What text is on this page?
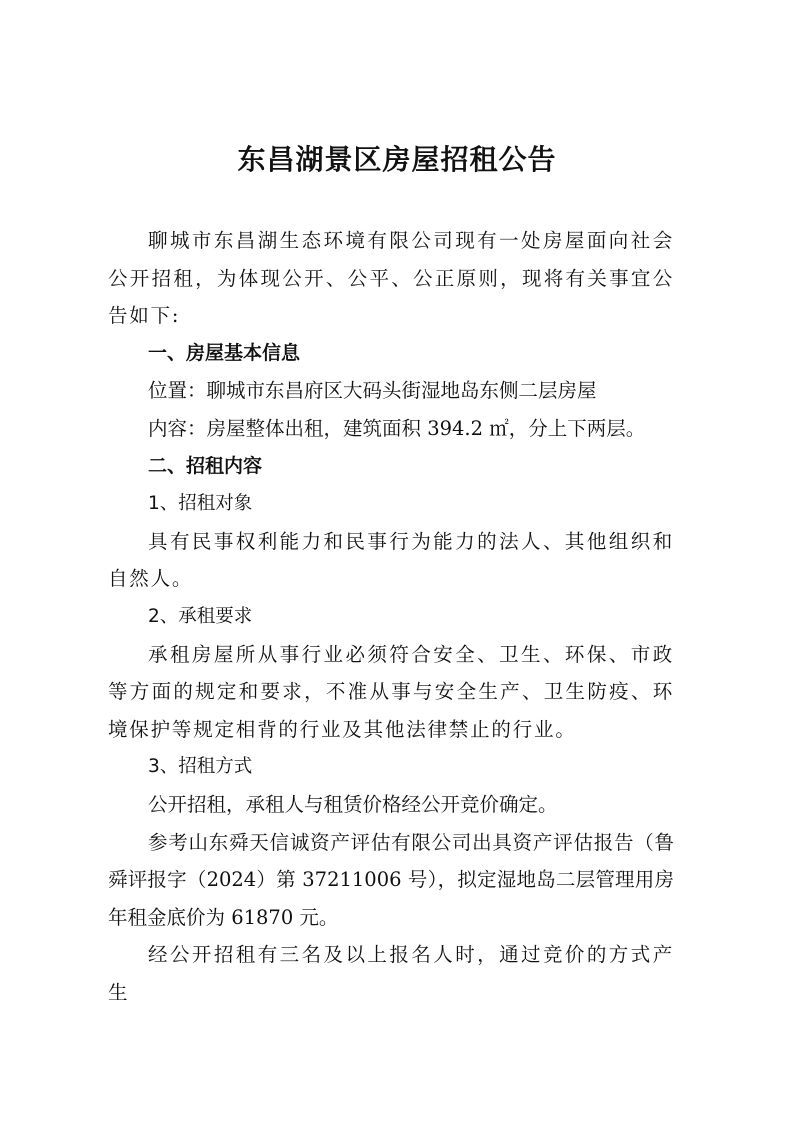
东昌湖景区房屋招租公告

聊城市东昌湖生态环境有限公司现有一处房屋面向社会公开招租，为体现公开、公平、公正原则，现将有关事宜公告如下:

一、房屋基本信息

位置：聊城市东昌府区大码头街湿地岛东侧二层房屋

内容：房屋整体出租，建筑面积 394.2 ㎡，分上下两层。

二、招租内容

1、招租对象

具有民事权利能力和民事行为能力的法人、其他组织和自然人。

2、承租要求

承租房屋所从事行业必须符合安全、卫生、环保、市政等方面的规定和要求，不准从事与安全生产、卫生防疫、环境保护等规定相背的行业及其他法律禁止的行业。

3、招租方式

公开招租，承租人与租赁价格经公开竞价确定。

参考山东舜天信诚资产评估有限公司出具资产评估报告（鲁舜评报字（2024）第 37211006 号），拟定湿地岛二层管理用房年租金底价为 61870 元。

经公开招租有三名及以上报名人时，通过竞价的方式产生
